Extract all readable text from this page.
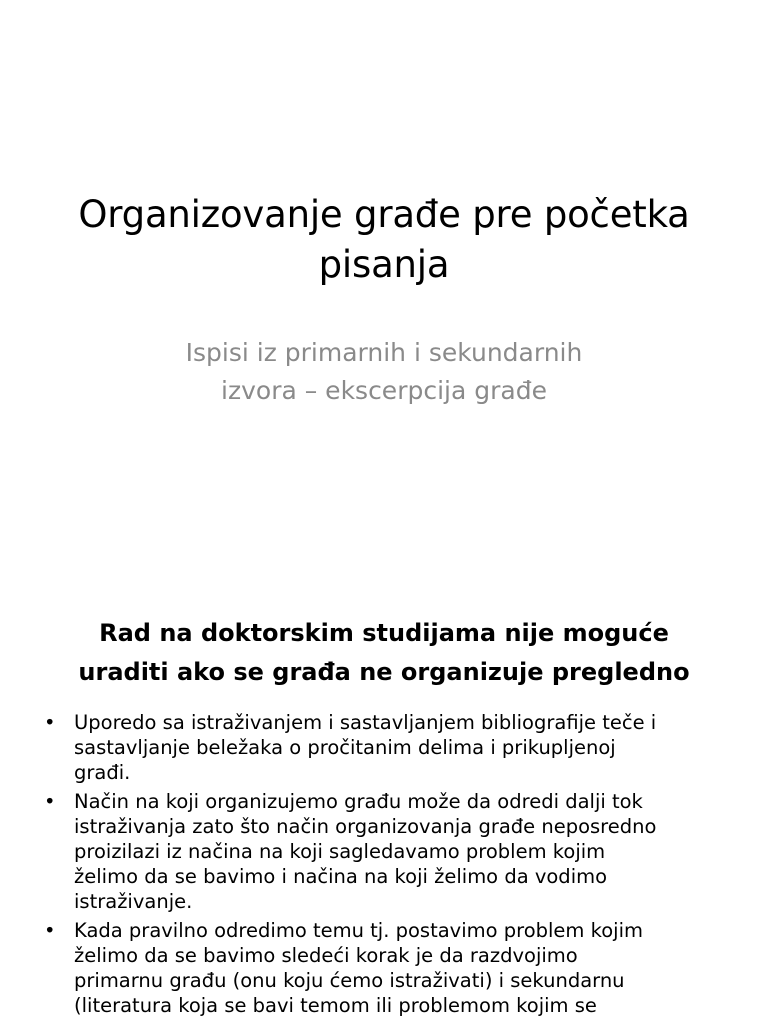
Organizovanje građe pre početka
pisanja

Ispisi iz primarnih i sekundarnih
izvora – ekscerpcija građe

Rad na doktorskim studijama nije moguće
uraditi ako se građa ne organizuje pregledno
• Uporedo sa istraživanjem i sastavljanjem bibliografije teče i
sastavljanje beležaka o pročitanim delima i prikupljenoj
građi.
• Način na koji organizujemo građu može da odredi dalji tok
istraživanja zato što način organizovanja građe neposredno
proizilazi iz načina na koji sagledavamo problem kojim
želimo da se bavimo i načina na koji želimo da vodimo
istraživanje.
• Kada pravilno odredimo temu tj. postavimo problem kojim
želimo da se bavimo sledeći korak je da razdvojimo
primarnu građu (onu koju ćemo istraživati) i sekundarnu
(literatura koja se bavi temom ili problemom kojim se
